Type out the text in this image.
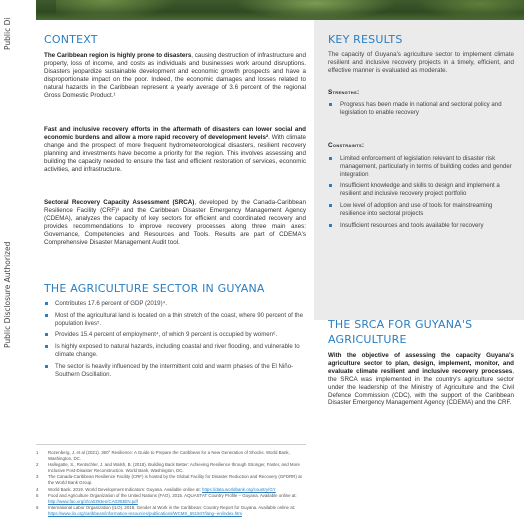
Public Di
Public Disclosure Authorized
CONTEXT
The Caribbean region is highly prone to disasters, causing destruction of infrastructure and property, loss of income, and costs as individuals and businesses work around disruptions. Disasters jeopardize sustainable development and economic growth prospects and have a disproportionate impact on the poor. Indeed, the economic damages and losses related to natural hazards in the Caribbean represent a yearly average of 3.6 percent of the regional Gross Domestic Product.¹
Fast and inclusive recovery efforts in the aftermath of disasters can lower social and economic burdens and allow a more rapid recovery of development levels². With climate change and the prospect of more frequent hydrometeorological disasters, resilient recovery planning and investments have become a priority for the region. This involves assessing and building the capacity needed to ensure the fast and efficient restoration of services, economic activities, and infrastructure.
Sectoral Recovery Capacity Assessment (SRCA), developed by the Canada-Caribbean Resilience Facility (CRF)³ and the Caribbean Disaster Emergency Management Agency (CDEMA), analyzes the capacity of key sectors for efficient and coordinated recovery and provides recommendations to improve recovery processes along three main axes: Governance, Competencies and Resources and Tools. Results are part of CDEMA's Comprehensive Disaster Management Audit tool.
THE AGRICULTURE SECTOR IN GUYANA
Contributes 17.6 percent of GDP (2019)⁴.
Most of the agricultural land is located on a thin stretch of the coast, where 90 percent of the population lives⁵.
Provides 15.4 percent of employment⁴, of which 9 percent is occupied by women⁶.
Is highly exposed to natural hazards, including coastal and river flooding, and vulnerable to climate change.
The sector is heavily influenced by the intermittent cold and warm phases of the El Niño-Southern Oscillation.
1 Rozenberg, J. et al (2021). 360° Resilience: A Guide to Prepare the Caribbean for a New Generation of Shocks. World Bank, Washington, DC.
2 Hallegatte, S., Rentschler, J. and Walsh, B. (2018). Building Back Better: Achieving Resilience through Stronger, Faster, and More Inclusive Post-Disaster Reconstruction. World Bank, Washington, DC.
3 The Canada-Caribbean Resilience Facility (CRF) is hosted by the Global Facility for Disaster Reduction and Recovery (GFDRR) at the World Bank Group.
4 World Bank. 2019. World Development Indicators: Guyana. Available online at: https://data.worldbank.org/country/GY
5 Food and Agriculture Organization of the United Nations (FAO). 2015. AQUASTAT Country Profile – Guyana. Available online at: http://www.fao.org/3/ca0393en/CA0393EN.pdf
6 International Labor Organization (ILO). 2018. Gender at Work in the Caribbean: Country Report for Guyana. Available online at: https://www.ilo.org/caribbean/information-resources/publications/WCMS_651947/lang--en/index.htm
KEY RESULTS
The capacity of Guyana's agriculture sector to implement climate resilient and inclusive recovery projects in a timely, efficient, and effective manner is evaluated as moderate.
Strengths:
Progress has been made in national and sectoral policy and legislation to enable recovery
Constraints:
Limited enforcement of legislation relevant to disaster risk management, particularly in terms of building codes and gender integration
Insufficient knowledge and skills to design and implement a resilient and inclusive recovery project portfolio
Low level of adoption and use of tools for mainstreaming resilience into sectoral projects
Insufficient resources and tools available for recovery
THE SRCA FOR GUYANA'S
AGRICULTURE
With the objective of assessing the capacity Guyana's agriculture sector to plan, design, implement, monitor, and evaluate climate resilient and inclusive recovery processes, the SRCA was implemented in the country's agriculture sector under the leadership of the Ministry of Agriculture and the Civil Defence Commission (CDC), with the support of the Caribbean Disaster Emergency Management Agency (CDEMA) and the CRF.
